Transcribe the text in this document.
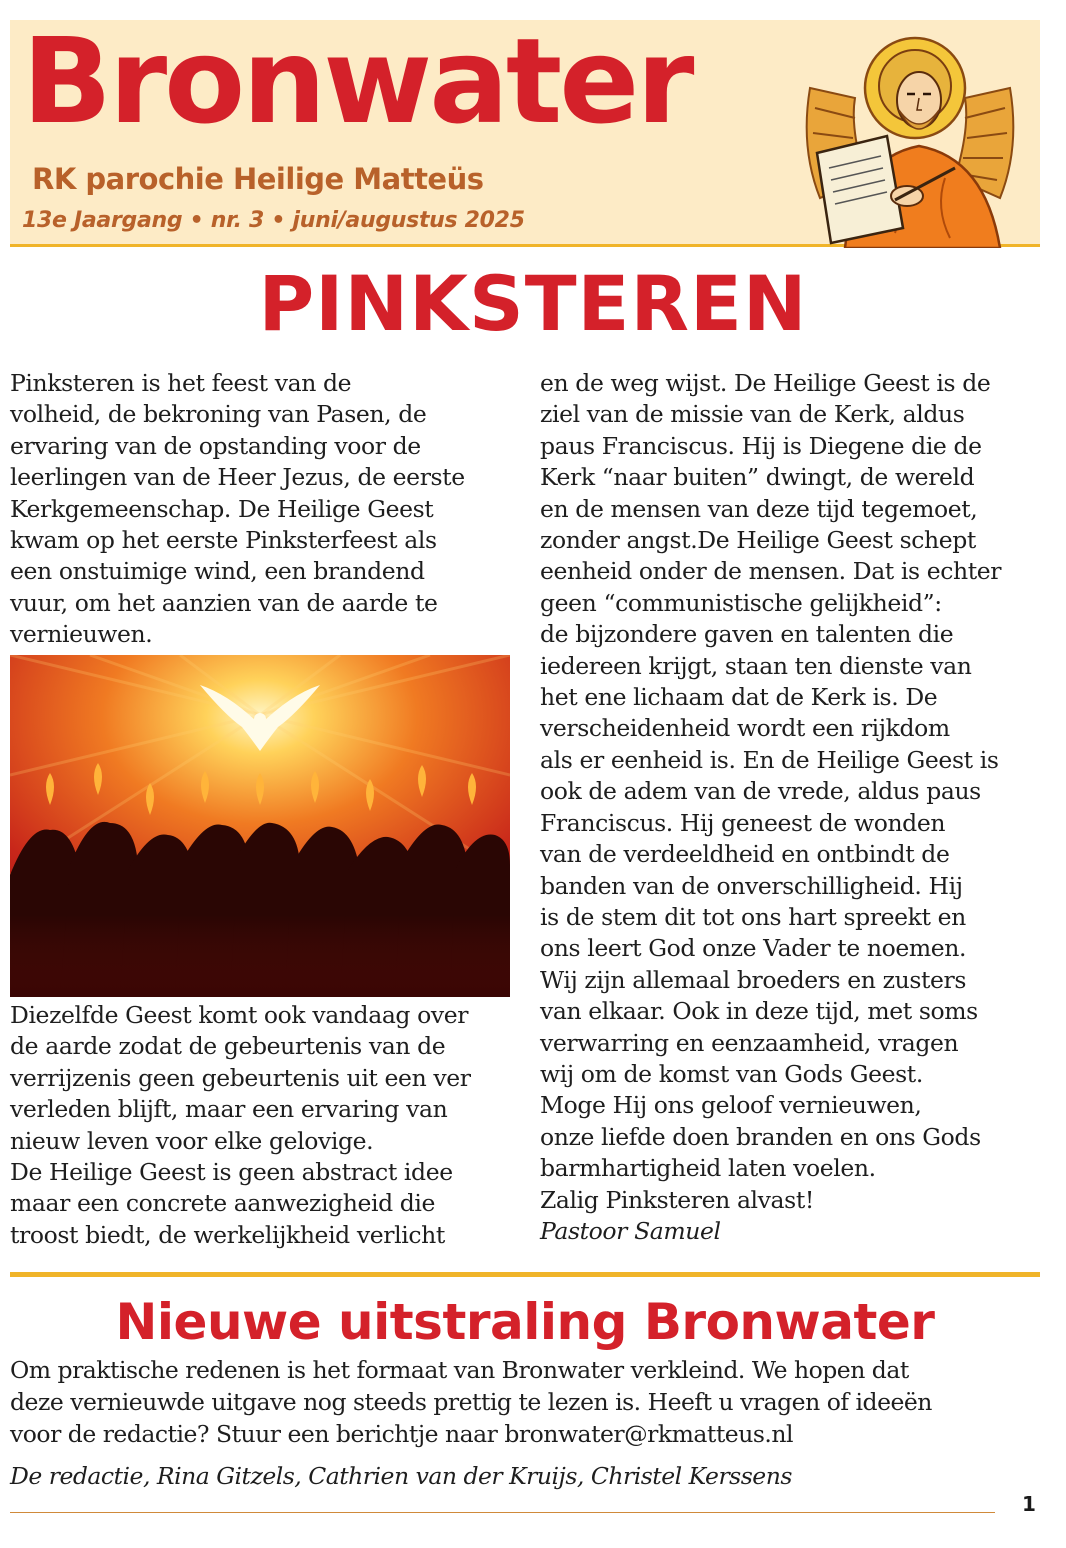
Bronwater
RK parochie Heilige Matteüs
13e Jaargang • nr. 3 • juni/augustus 2025
PINKSTEREN

Pinksteren is het feest van de
volheid, de bekroning van Pasen, de
ervaring van de opstanding voor de
leerlingen van de Heer Jezus, de eerste
Kerkgemeenschap. De Heilige Geest
kwam op het eerste Pinksterfeest als
een onstuimige wind, een brandend
vuur, om het aanzien van de aarde te
vernieuwen.

Diezelfde Geest komt ook vandaag over
de aarde zodat de gebeurtenis van de
verrijzenis geen gebeurtenis uit een ver
verleden blijft, maar een ervaring van
nieuw leven voor elke gelovige.
De Heilige Geest is geen abstract idee
maar een concrete aanwezigheid die
troost biedt, de werkelijkheid verlicht

en de weg wijst. De Heilige Geest is de
ziel van de missie van de Kerk, aldus
paus Franciscus. Hij is Diegene die de
Kerk “naar buiten” dwingt, de wereld
en de mensen van deze tijd tegemoet,
zonder angst.De Heilige Geest schept
eenheid onder de mensen. Dat is echter
geen “communistische gelijkheid”:
de bijzondere gaven en talenten die
iedereen krijgt, staan ten dienste van
het ene lichaam dat de Kerk is. De
verscheidenheid wordt een rijkdom
als er eenheid is. En de Heilige Geest is
ook de adem van de vrede, aldus paus
Franciscus. Hij geneest de wonden
van de verdeeldheid en ontbindt de
banden van de onverschilligheid. Hij
is de stem dit tot ons hart spreekt en
ons leert God onze Vader te noemen.
Wij zijn allemaal broeders en zusters
van elkaar. Ook in deze tijd, met soms
verwarring en eenzaamheid, vragen
wij om de komst van Gods Geest.
Moge Hij ons geloof vernieuwen,
onze liefde doen branden en ons Gods
barmhartigheid laten voelen.
Zalig Pinksteren alvast!

Pastoor Samuel

Nieuwe uitstraling Bronwater
Om praktische redenen is het formaat van Bronwater verkleind. We hopen dat
deze vernieuwde uitgave nog steeds prettig te lezen is. Heeft u vragen of ideeën
voor de redactie? Stuur een berichtje naar bronwater@rkmatteus.nl
De redactie, Rina Gitzels, Cathrien van der Kruijs, Christel Kerssens
1
